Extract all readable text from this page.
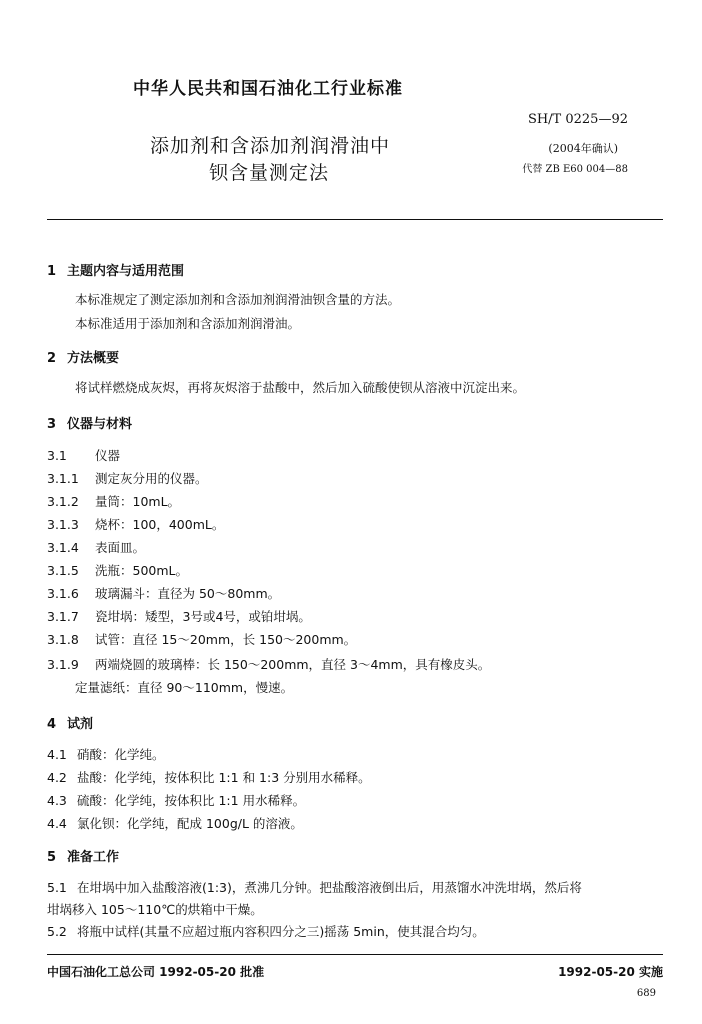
中华人民共和国石油化工行业标准
添加剂和含添加剂润滑油中
钡含量测定法
SH/T 0225—92
(2004年确认)
代替 ZB E60 004—88
1 主题内容与适用范围
本标准规定了测定添加剂和含添加剂润滑油钡含量的方法。
本标准适用于添加剂和含添加剂润滑油。
2 方法概要
将试样燃烧成灰烬，再将灰烬溶于盐酸中，然后加入硫酸使钡从溶液中沉淀出来。
3 仪器与材料
3.1 仪器
3.1.1 测定灰分用的仪器。
3.1.2 量筒：10mL。
3.1.3 烧杯：100，400mL。
3.1.4 表面皿。
3.1.5 洗瓶：500mL。
3.1.6 玻璃漏斗：直径为 50～80mm。
3.1.7 瓷坩埚：矮型，3号或4号，或铂坩埚。
3.1.8 试管：直径 15～20mm，长 150～200mm。
3.1.9 两端烧圆的玻璃棒：长 150～200mm，直径 3～4mm，具有橡皮头。
定量滤纸：直径 90～110mm，慢速。
4 试剂
4.1 硝酸：化学纯。
4.2 盐酸：化学纯，按体积比 1:1 和 1:3 分别用水稀释。
4.3 硫酸：化学纯，按体积比 1:1 用水稀释。
4.4 氯化钡：化学纯，配成 100g/L 的溶液。
5 准备工作
5.1 在坩埚中加入盐酸溶液(1:3)，煮沸几分钟。把盐酸溶液倒出后，用蒸馏水冲洗坩埚，然后将
坩埚移入 105～110℃的烘箱中干燥。
5.2 将瓶中试样(其量不应超过瓶内容积四分之三)摇荡 5min，使其混合均匀。
中国石油化工总公司 1992-05-20 批准	1992-05-20 实施
689
